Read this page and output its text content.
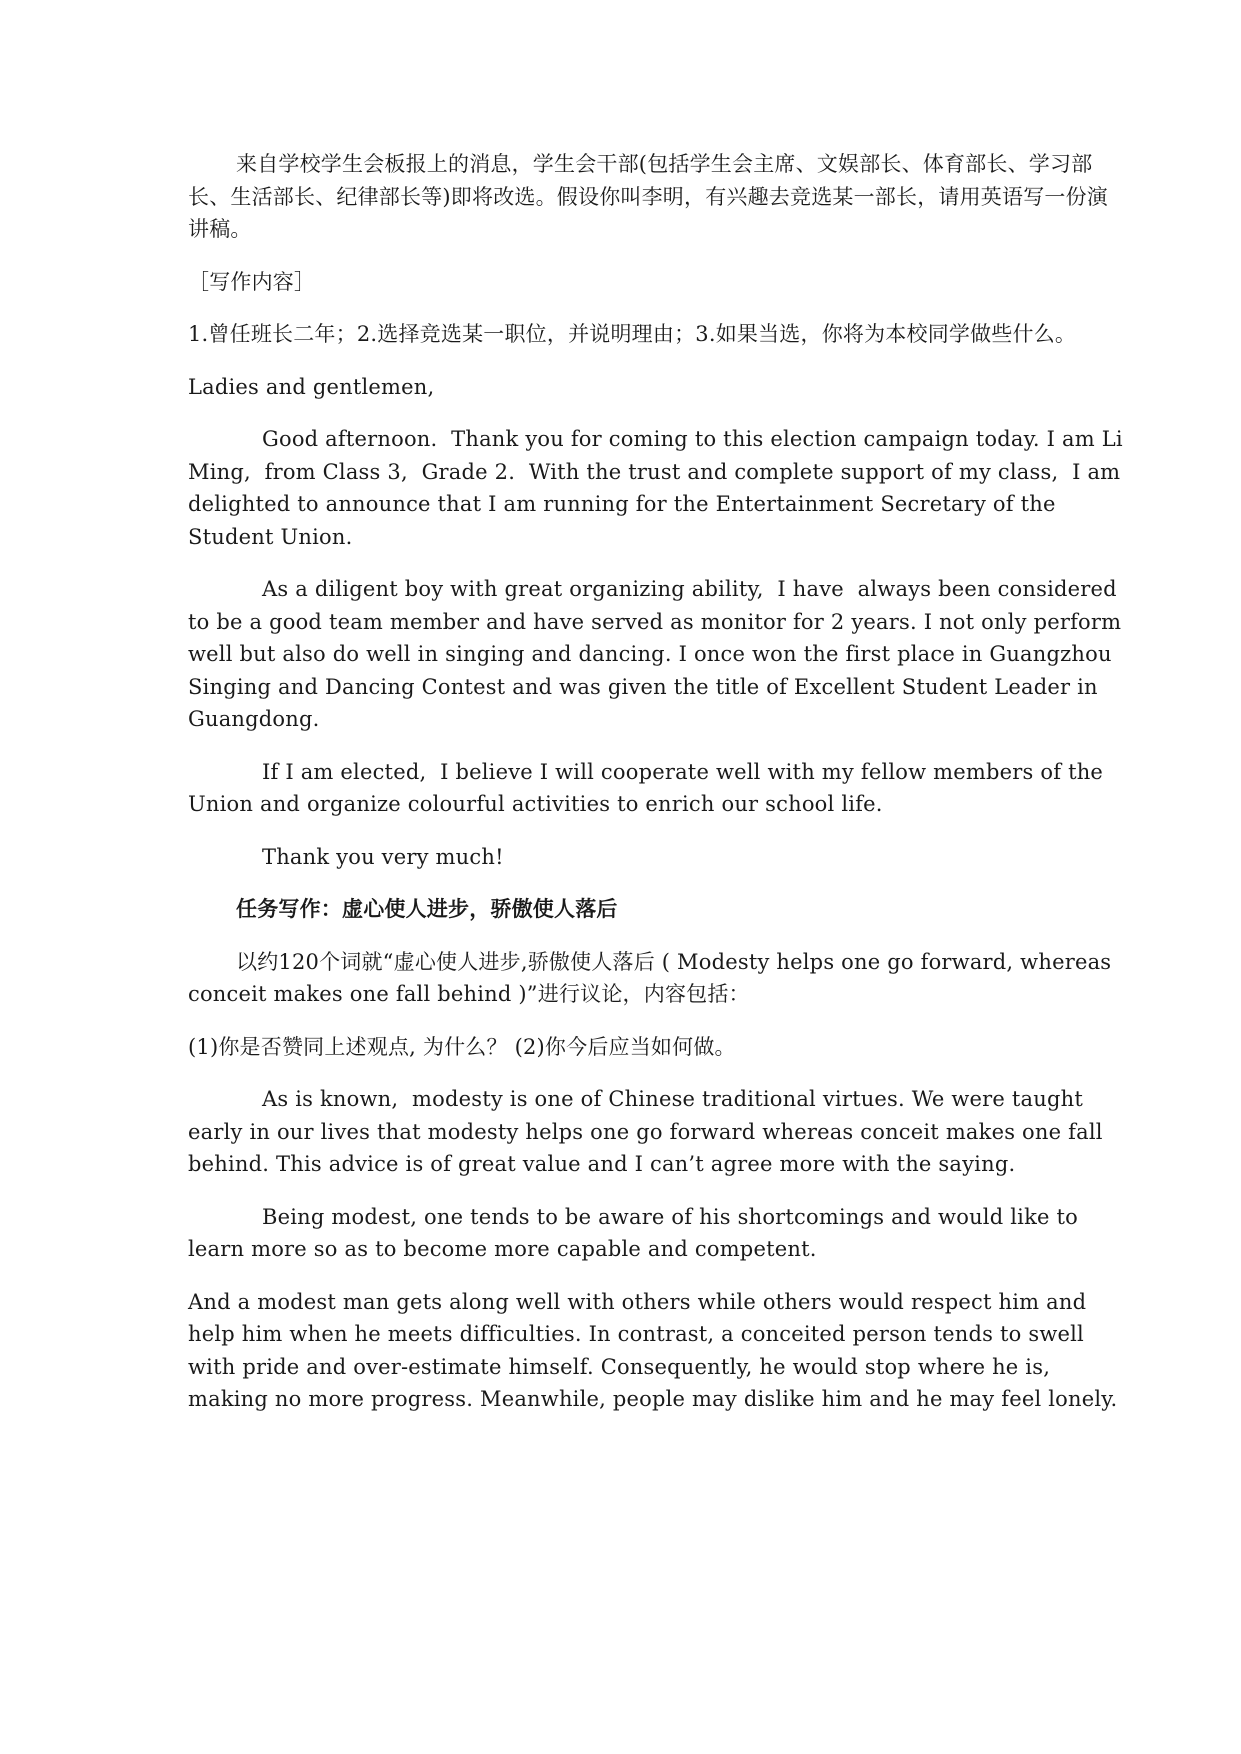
来自学校学生会板报上的消息，学生会干部(包括学生会主席、文娱部长、体育部长、学习部长、生活部长、纪律部长等)即将改选。假设你叫李明，有兴趣去竞选某一部长，请用英语写一份演讲稿。

［写作内容］

1.曾任班长二年；2.选择竞选某一职位，并说明理由；3.如果当选，你将为本校同学做些什么。

Ladies and gentlemen,

Good afternoon.  Thank you for coming to this election campaign today. I am Li Ming,  from Class 3,  Grade 2.  With the trust and complete support of my class,  I am delighted to announce that I am running for the Entertainment Secretary of the Student Union.

As a diligent boy with great organizing ability,  I have  always been considered to be a good team member and have served as monitor for 2 years. I not only perform well but also do well in singing and dancing. I once won the first place in Guangzhou Singing and Dancing Contest and was given the title of Excellent Student Leader in Guangdong.

If I am elected,  I believe I will cooperate well with my fellow members of the Union and organize colourful activities to enrich our school life.

Thank you very much!

任务写作：虚心使人进步，骄傲使人落后

以约120个词就“虚心使人进步,骄傲使人落后 ( Modesty helps one go forward, whereas conceit makes one fall behind )”进行议论，内容包括：

(1)你是否赞同上述观点, 为什么？ (2)你今后应当如何做。

As is known,  modesty is one of Chinese traditional virtues. We were taught early in our lives that modesty helps one go forward whereas conceit makes one fall behind. This advice is of great value and I can’t agree more with the saying.

Being modest, one tends to be aware of his shortcomings and would like to learn more so as to become more capable and competent.

And a modest man gets along well with others while others would respect him and help him when he meets difficulties. In contrast, a conceited person tends to swell with pride and over-estimate himself. Consequently, he would stop where he is,  making no more progress. Meanwhile, people may dislike him and he may feel lonely.
